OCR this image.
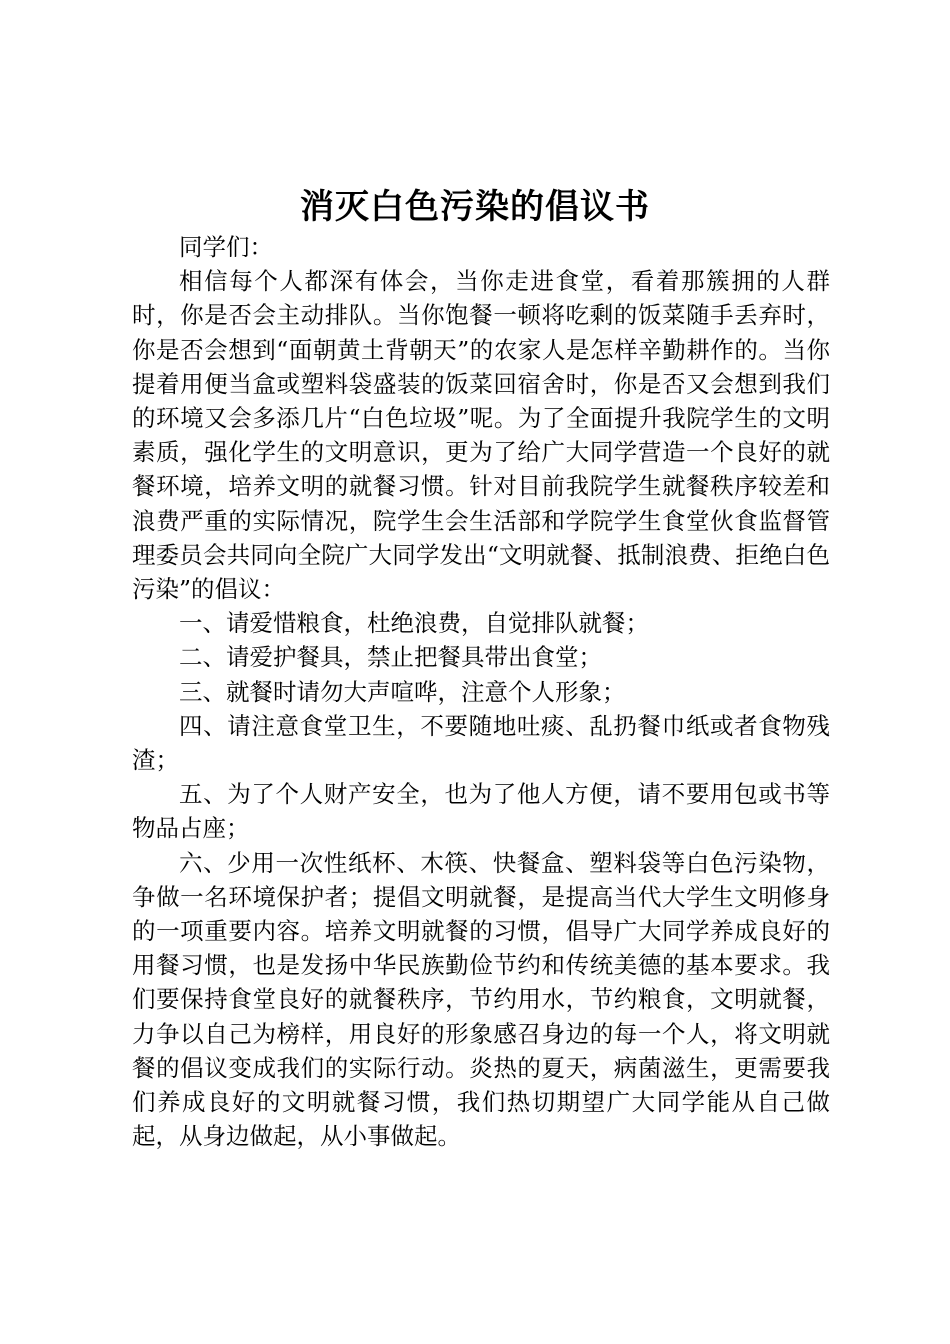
消灭白色污染的倡议书

同学们：

相信每个人都深有体会，当你走进食堂，看着那簇拥的人群时，你是否会主动排队。当你饱餐一顿将吃剩的饭菜随手丢弃时，你是否会想到“面朝黄土背朝天”的农家人是怎样辛勤耕作的。当你提着用便当盒或塑料袋盛装的饭菜回宿舍时，你是否又会想到我们的环境又会多添几片“白色垃圾”呢。为了全面提升我院学生的文明素质，强化学生的文明意识，更为了给广大同学营造一个良好的就餐环境，培养文明的就餐习惯。针对目前我院学生就餐秩序较差和浪费严重的实际情况，院学生会生活部和学院学生食堂伙食监督管理委员会共同向全院广大同学发出“文明就餐、抵制浪费、拒绝白色污染”的倡议：

一、请爱惜粮食，杜绝浪费，自觉排队就餐；

二、请爱护餐具，禁止把餐具带出食堂；

三、就餐时请勿大声喧哗，注意个人形象；

四、请注意食堂卫生，不要随地吐痰、乱扔餐巾纸或者食物残渣；

五、为了个人财产安全，也为了他人方便，请不要用包或书等物品占座；

六、少用一次性纸杯、木筷、快餐盒、塑料袋等白色污染物，争做一名环境保护者；提倡文明就餐，是提高当代大学生文明修身的一项重要内容。培养文明就餐的习惯，倡导广大同学养成良好的用餐习惯，也是发扬中华民族勤俭节约和传统美德的基本要求。我们要保持食堂良好的就餐秩序，节约用水，节约粮食，文明就餐，力争以自己为榜样，用良好的形象感召身边的每一个人，将文明就餐的倡议变成我们的实际行动。炎热的夏天，病菌滋生，更需要我们养成良好的文明就餐习惯，我们热切期望广大同学能从自己做起，从身边做起，从小事做起。
